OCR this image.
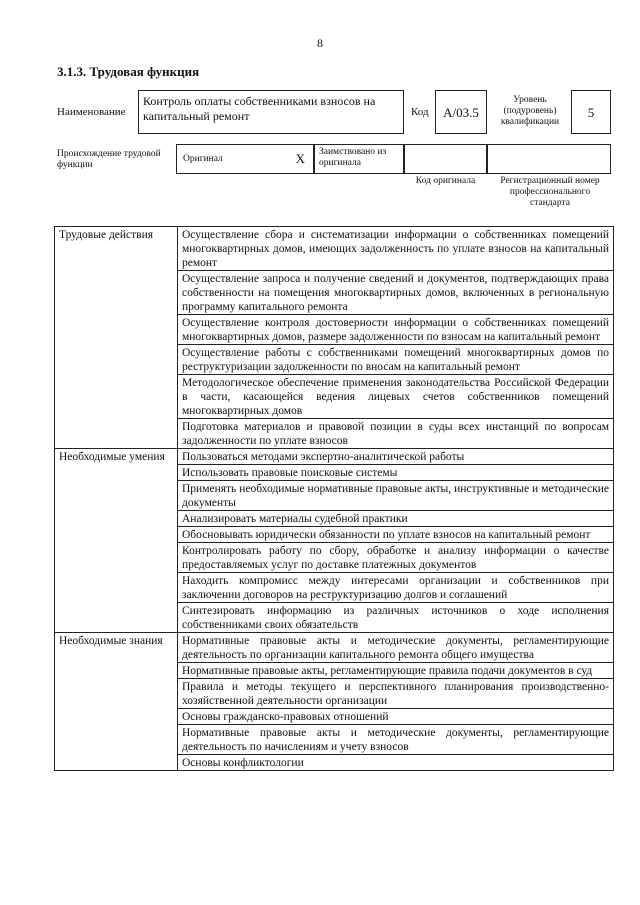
8
3.1.3. Трудовая функция
Наименование
Контроль оплаты собственниками взносов на капитальный ремонт	Код	A/03.5
Уровень (подуровень) квалификации
5
Происхождение трудовой функции
Оригинал	X	Заимствовано из оригинала
Код оригинала	Регистрационный номер профессионального стандарта
Трудовые действия	Осуществление сбора и систематизации информации о собственниках помещений многоквартирных домов, имеющих задолженность по уплате взносов на капитальный ремонт
	Осуществление запроса и получение сведений и документов, подтверждающих права собственности на помещения многоквартирных домов, включенных в региональную программу капитального ремонта
	Осуществление контроля достоверности информации о собственниках помещений многоквартирных домов, размере задолженности по взносам на капитальный ремонт
	Осуществление работы с собственниками помещений многоквартирных домов по реструктуризации задолженности по вносам на капитальный ремонт
	Методологическое обеспечение применения законодательства Российской Федерации в части, касающейся ведения лицевых счетов собственников помещений многоквартирных домов
	Подготовка материалов и правовой позиции в суды всех инстанций по вопросам задолженности по уплате взносов
Необходимые умения	Пользоваться методами экспертно-аналитической работы
	Использовать правовые поисковые системы
	Применять необходимые нормативные правовые акты, инструктивные и методические документы
	Анализировать материалы судебной практики
	Обосновывать юридически обязанности по уплате взносов на капитальный ремонт
	Контролировать работу по сбору, обработке и анализу информации о качестве предоставляемых услуг по доставке платежных документов
	Находить компромисс между интересами организации и собственников при заключении договоров на реструктуризацию долгов и соглашений
	Синтезировать информацию из различных источников о ходе исполнения собственниками своих обязательств
Необходимые знания	Нормативные правовые акты и методические документы, регламентирующие деятельность по организации капитального ремонта общего имущества
	Нормативные правовые акты, регламентирующие правила подачи документов в суд
	Правила и методы текущего и перспективного планирования производственно-хозяйственной деятельности организации
	Основы гражданско-правовых отношений
	Нормативные правовые акты и методические документы, регламентирующие деятельность по начислениям и учету взносов
	Основы конфликтологии
